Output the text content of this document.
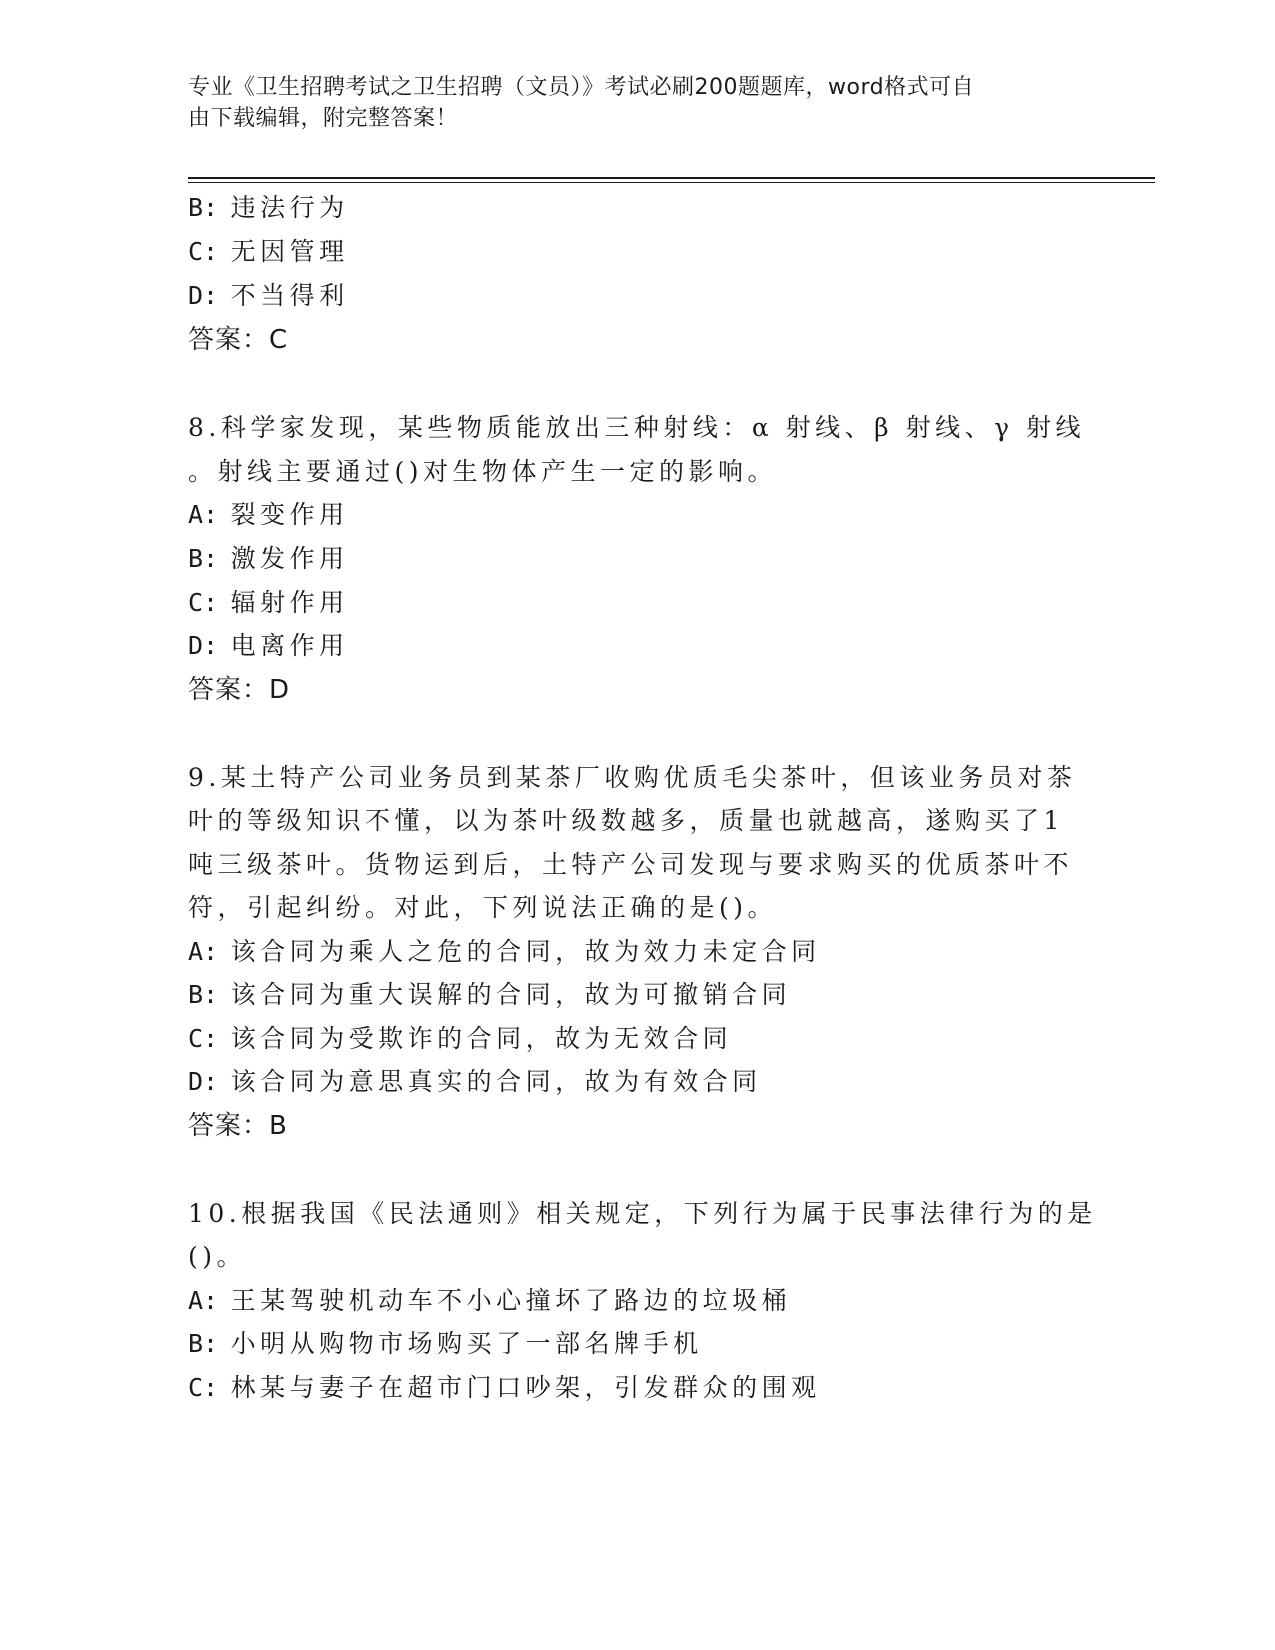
专业《卫生招聘考试之卫生招聘（文员）》考试必刷200题题库，word格式可自
由下载编辑，附完整答案！
B: 违法行为
C: 无因管理
D: 不当得利
答案：C
8.科学家发现，某些物质能放出三种射线：α 射线、β 射线、γ 射线
。射线主要通过()对生物体产生一定的影响。
A: 裂变作用
B: 激发作用
C: 辐射作用
D: 电离作用
答案：D
9.某土特产公司业务员到某茶厂收购优质毛尖茶叶，但该业务员对茶
叶的等级知识不懂，以为茶叶级数越多，质量也就越高，遂购买了1
吨三级茶叶。货物运到后，土特产公司发现与要求购买的优质茶叶不
符，引起纠纷。对此，下列说法正确的是()。
A: 该合同为乘人之危的合同，故为效力未定合同
B: 该合同为重大误解的合同，故为可撤销合同
C: 该合同为受欺诈的合同，故为无效合同
D: 该合同为意思真实的合同，故为有效合同
答案：B
10.根据我国《民法通则》相关规定，下列行为属于民事法律行为的是
()。
A: 王某驾驶机动车不小心撞坏了路边的垃圾桶
B: 小明从购物市场购买了一部名牌手机
C: 林某与妻子在超市门口吵架，引发群众的围观
